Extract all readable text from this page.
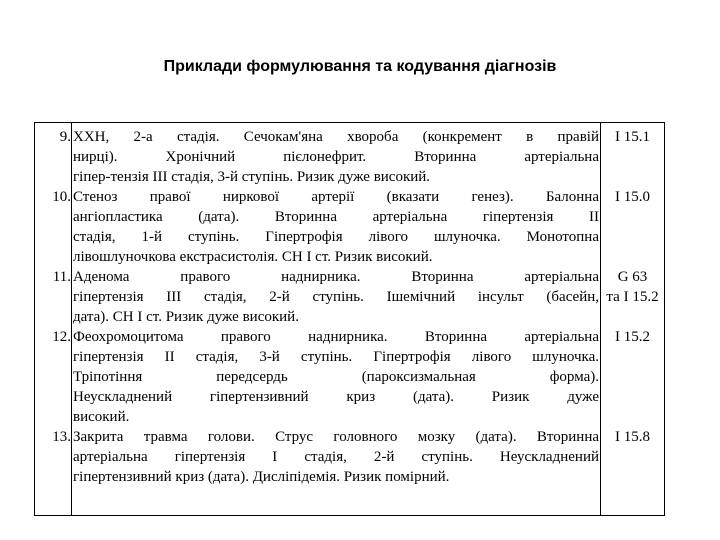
Приклади формулювання та кодування діагнозів
9. ХХН, 2-а стадія. Сечокам'яна хвороба (конкремент в правій
нирці). Хронічний пієлонефрит. Вторинна артеріальна
гіпер-тензія ІІІ стадія, 3-й ступінь. Ризик дуже високий.
І 15.1
10. Стеноз правої ниркової артерії (вказати генез). Балонна
ангіопластика (дата). Вторинна артеріальна гіпертензія ІІ
стадія, 1-й ступінь. Гіпертрофія лівого шлуночка. Монотопна
лівошлуночкова екстрасистолія. СН І ст. Ризик високий.
І 15.0
11. Аденома правого наднирника. Вторинна артеріальна
гіпертензія ІІІ стадія, 2-й ступінь. Ішемічний інсульт (басейн,
дата). СН І ст. Ризик дуже високий.
G 63
та І 15.2
12. Феохромоцитома правого наднирника. Вторинна артеріальна
гіпертензія ІІ стадія, 3-й ступінь. Гіпертрофія лівого шлуночка.
Тріпотіння передсердь (пароксизмальная форма).
Неускладнений гіпертензивний криз (дата). Ризик дуже
високий.
І 15.2
13. Закрита травма голови. Струс головного мозку (дата). Вторинна
артеріальна гіпертензія І стадія, 2-й ступінь. Неускладнений
гіпертензивний криз (дата). Дисліпідемія. Ризик помірний.
І 15.8
